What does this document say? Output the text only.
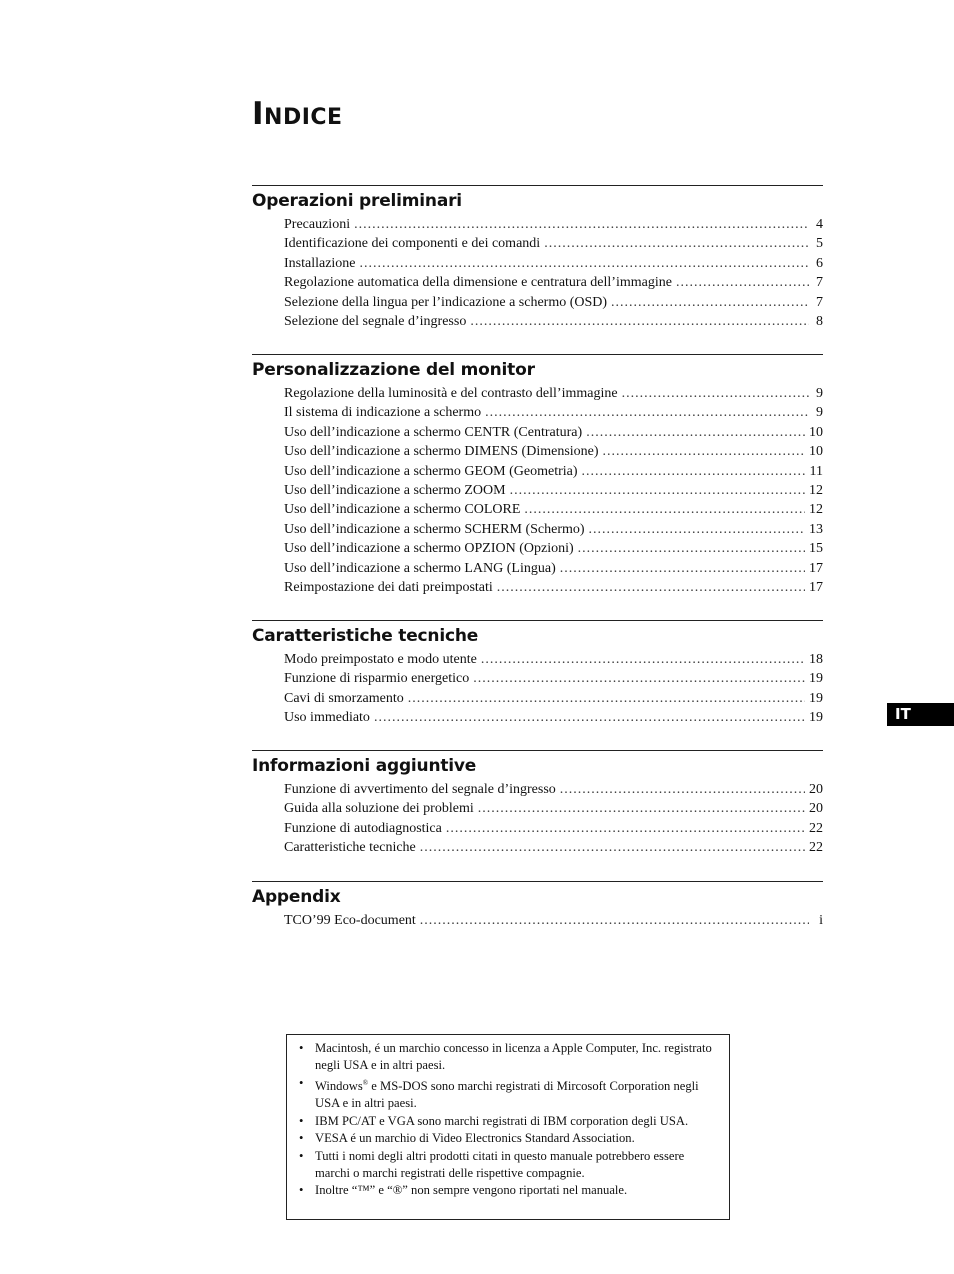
Indice
Operazioni preliminari
Precauzioni .....	4
Identificazione dei componenti e dei comandi .....	5
Installazione .....	6
Regolazione automatica della dimensione e centratura dell’immagine .....	7
Selezione della lingua per l’indicazione a schermo (OSD) .....	7
Selezione del segnale d’ingresso .....	8
Personalizzazione del monitor
Regolazione della luminosità e del contrasto dell’immagine .....	9
Il sistema di indicazione a schermo .....	9
Uso dell’indicazione a schermo CENTR (Centratura) .....	10
Uso dell’indicazione a schermo DIMENS (Dimensione) .....	10
Uso dell’indicazione a schermo GEOM (Geometria) .....	11
Uso dell’indicazione a schermo ZOOM .....	12
Uso dell’indicazione a schermo COLORE .....	12
Uso dell’indicazione a schermo SCHERM (Schermo) .....	13
Uso dell’indicazione a schermo OPZION (Opzioni) .....	15
Uso dell’indicazione a schermo LANG (Lingua) .....	17
Reimpostazione dei dati preimpostati .....	17
Caratteristiche tecniche
Modo preimpostato e modo utente .....	18
Funzione di risparmio energetico .....	19
Cavi di smorzamento .....	19
Uso immediato .....	19
Informazioni aggiuntive
Funzione di avvertimento del segnale d’ingresso .....	20
Guida alla soluzione dei problemi .....	20
Funzione di autodiagnostica .....	22
Caratteristiche tecniche .....	22
Appendix
TCO’99 Eco-document .....	i
IT
• Macintosh, é un marchio concesso in licenza a Apple Computer, Inc. registrato negli USA e in altri paesi.
• Windows® e MS-DOS sono marchi registrati di Mircosoft Corporation negli USA e in altri paesi.
• IBM PC/AT e VGA sono marchi registrati di IBM corporation degli USA.
• VESA é un marchio di Video Electronics Standard Association.
• Tutti i nomi degli altri prodotti citati in questo manuale potrebbero essere marchi o marchi registrati delle rispettive compagnie.
• Inoltre “™” e “®” non sempre vengono riportati nel manuale.
